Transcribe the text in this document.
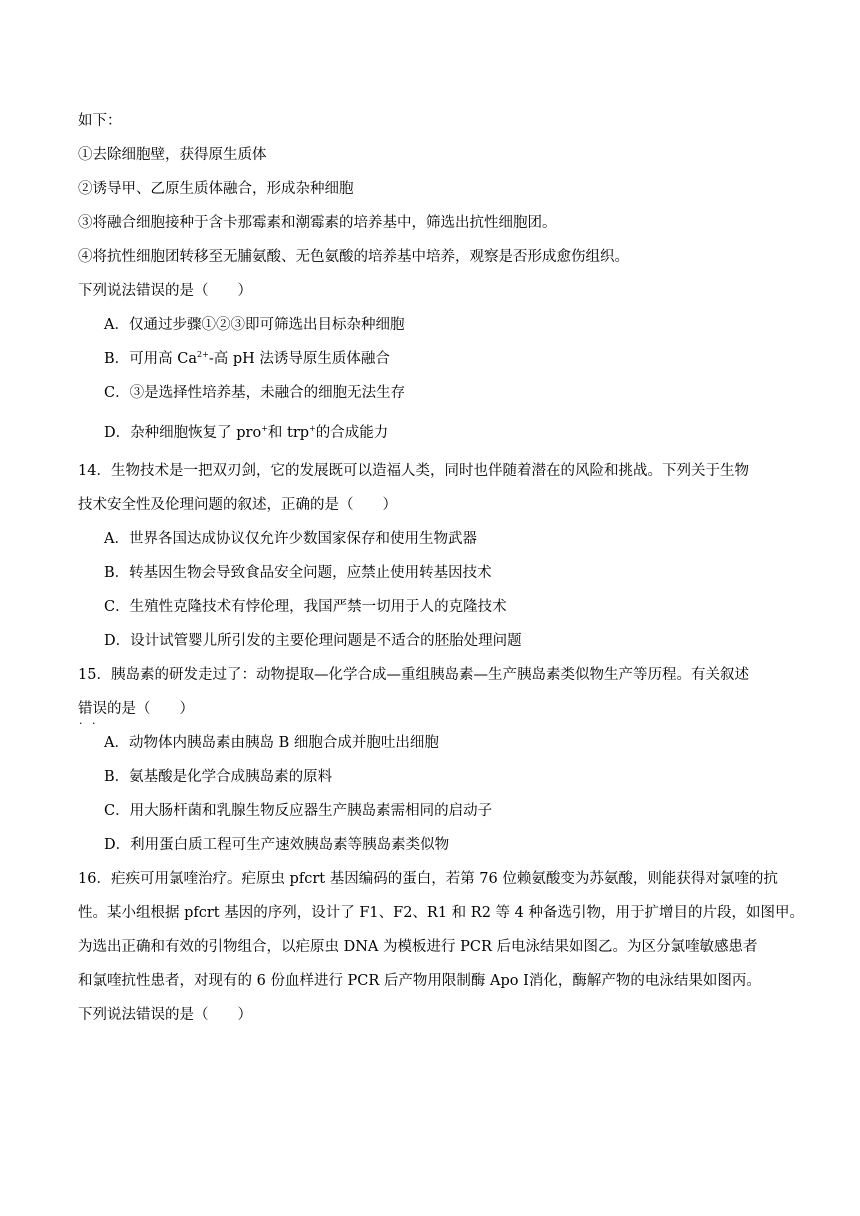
如下：
①去除细胞壁，获得原生质体
②诱导甲、乙原生质体融合，形成杂种细胞
③将融合细胞接种于含卡那霉素和潮霉素的培养基中，筛选出抗性细胞团。
④将抗性细胞团转移至无脯氨酸、无色氨酸的培养基中培养，观察是否形成愈伤组织。
下列说法错误的是（　　）
A．仅通过步骤①②③即可筛选出目标杂种细胞
B．可用高 $Ca^{2+}-$高 pH 法诱导原生质体融合
C．③是选择性培养基，未融合的细胞无法生存
D．杂种细胞恢复了 pro+和 trp+的合成能力
14．生物技术是一把双刃剑，它的发展既可以造福人类，同时也伴随着潜在的风险和挑战。下列关于生物
技术安全性及伦理问题的叙述，正确的是（　　）
A．世界各国达成协议仅允许少数国家保存和使用生物武器
B．转基因生物会导致食品安全问题，应禁止使用转基因技术
C．生殖性克隆技术有悖伦理，我国严禁一切用于人的克隆技术
D．设计试管婴儿所引发的主要伦理问题是不适合的胚胎处理问题
15．胰岛素的研发走过了：动物提取—化学合成—重组胰岛素—生产胰岛素类似物生产等历程。有关叙述
错误 · ·的是（　　）
A．动物体内胰岛素由胰岛 B 细胞合成并胞吐出细胞
B．氨基酸是化学合成胰岛素的原料
C．用大肠杆菌和乳腺生物反应器生产胰岛素需相同的启动子
D．利用蛋白质工程可生产速效胰岛素等胰岛素类似物
16．疟疾可用氯喹治疗。疟原虫 pfcrt 基因编码的蛋白，若第 76 位赖氨酸变为苏氨酸，则能获得对氯喹的抗
性。某小组根据 pfcrt 基因的序列，设计了 F1、F2、R1 和 R2 等 4 种备选引物，用于扩增目的片段，如图甲。
为选出正确和有效的引物组合，以疟原虫 DNA 为模板进行 PCR 后电泳结果如图乙。为区分氯喹敏感患者
和氯喹抗性患者，对现有的 6 份血样进行 PCR 后产物用限制酶 Apo Ⅰ消化，酶解产物的电泳结果如图丙。
下列说法错误的是（　　）
